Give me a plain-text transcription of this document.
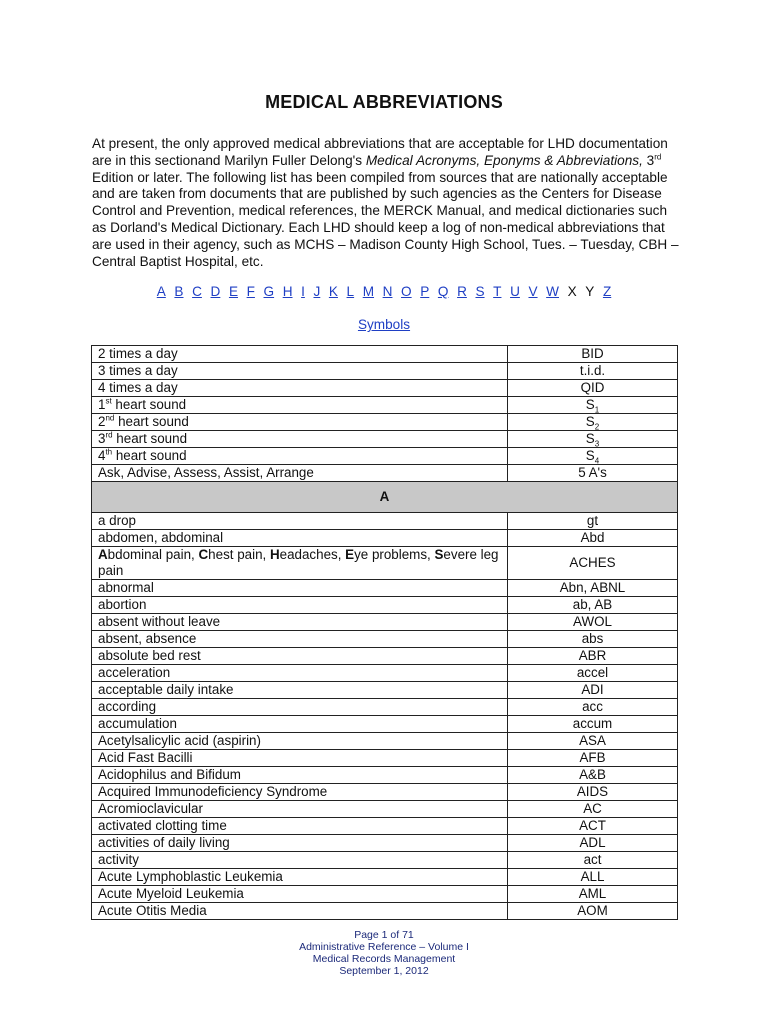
MEDICAL ABBREVIATIONS
At present, the only approved medical abbreviations that are acceptable for LHD documentation are in this sectionand Marilyn Fuller Delong's Medical Acronyms, Eponyms & Abbreviations, 3rd Edition or later. The following list has been compiled from sources that are nationally acceptable and are taken from documents that are published by such agencies as the Centers for Disease Control and Prevention, medical references, the MERCK Manual, and medical dictionaries such as Dorland's Medical Dictionary. Each LHD should keep a log of non-medical abbreviations that are used in their agency, such as MCHS – Madison County High School, Tues. – Tuesday, CBH – Central Baptist Hospital, etc.
A B C D E F G H I J K L M N O P Q R S T U V W X Y Z
Symbols
2 times a day	BID
3 times a day	t.i.d.
4 times a day	QID
1st heart sound	$S_1$
2nd heart sound	$S_2$
3rd heart sound	$S_3$
4th heart sound	$S_4$
Ask, Advise, Assess, Assist, Arrange	5 A's
A	
a drop	gt
abdomen, abdominal	Abd
Abdominal pain, Chest pain, Headaches, Eye problems, Severe leg pain	ACHES
abnormal	Abn, ABNL
abortion	ab, AB
absent without leave	AWOL
absent, absence	abs
absolute bed rest	ABR
acceleration	accel
acceptable daily intake	ADI
according	acc
accumulation	accum
Acetylsalicylic acid (aspirin)	ASA
Acid Fast Bacilli	AFB
Acidophilus and Bifidum	A&B
Acquired Immunodeficiency Syndrome	AIDS
Acromioclavicular	AC
activated clotting time	ACT
activities of daily living	ADL
activity	act
Acute Lymphoblastic Leukemia	ALL
Acute Myeloid Leukemia	AML
Acute Otitis Media	AOM
Page 1 of 71
Administrative Reference – Volume I
Medical Records Management
September 1, 2012
